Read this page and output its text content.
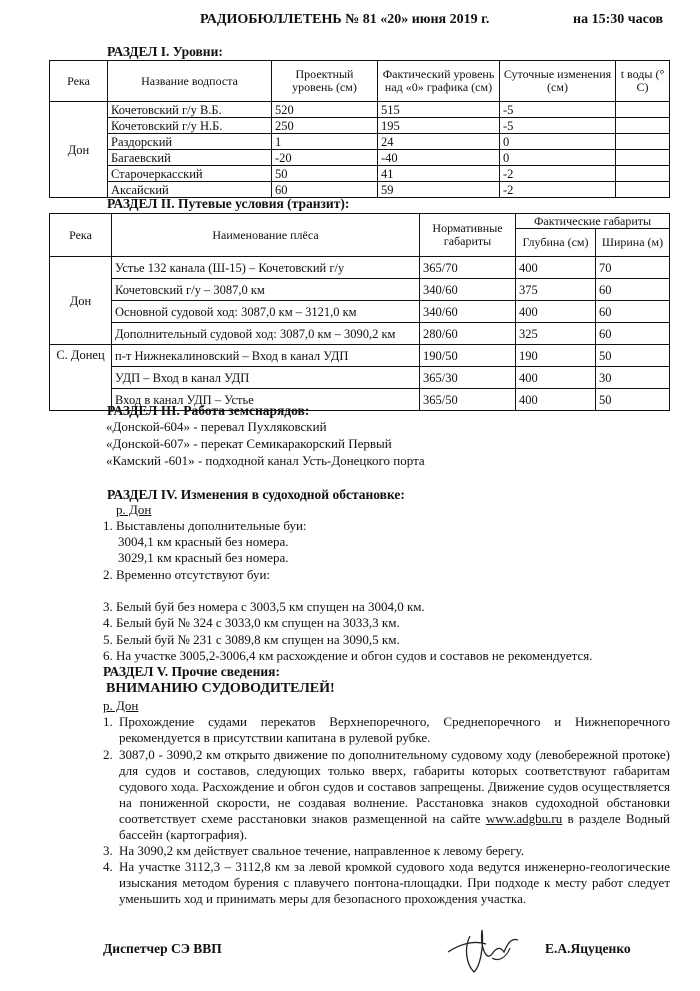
РАДИОБЮЛЛЕТЕНЬ № 81 «20» июня 2019 г.	на 15:30 часов
РАЗДЕЛ I. Уровни:
Река	Название водпоста	Проектный уровень (см)	Фактический уровень над «0» графика (см)	Суточные изменения (см)	t воды (° С)
Дон	Кочетовский г/у В.Б.	520	515	-5	
	Кочетовский г/у Н.Б.	250	195	-5	
	Раздорский	1	24	0	
	Багаевский	-20	-40	0	
	Старочеркасский	50	41	-2	
	Аксайский	60	59	-2	
РАЗДЕЛ II. Путевые условия (транзит):
Река	Наименование плёса	Нормативные габариты	Фактические габариты	
			Глубина (см)	Ширина (м)
Дон	Устье 132 канала (Ш-15) – Кочетовский г/у	365/70	400	70
	Кочетовский г/у – 3087,0 км	340/60	375	60
	Основной судовой ход: 3087,0 км – 3121,0 км	340/60	400	60
	Дополнительный судовой ход: 3087,0 км – 3090,2 км	280/60	325	60
С. Донец	п-т Нижнекалиновский – Вход в канал УДП	190/50	190	50
	УДП – Вход в канал УДП	365/30	400	30
	Вход в канал УДП – Устье	365/50	400	50
РАЗДЕЛ III. Работа земснарядов:
«Донской-604» - перевал Пухляковский
«Донской-607» - перекат Семикаракорский Первый
«Камский -601» - подходной канал Усть-Донецкого порта
РАЗДЕЛ IV. Изменения в судоходной обстановке:
р. Дон
1. Выставлены дополнительные буи:
3004,1 км красный без номера.
3029,1 км красный без номера.
2. Временно отсутствуют буи:
3. Белый буй без номера с 3003,5 км спущен на 3004,0 км.
4. Белый буй № 324 с 3033,0 км спущен на 3033,3 км.
5. Белый буй № 231 с 3089,8 км спущен на 3090,5 км.
6. На участке 3005,2-3006,4 км расхождение и обгон судов и составов не рекомендуется.
РАЗДЕЛ V. Прочие сведения:
ВНИМАНИЮ СУДОВОДИТЕЛЕЙ!
р. Дон
1. Прохождение судами перекатов Верхнепоречного, Среднепоречного и Нижнепоречного рекомендуется в присутствии капитана в рулевой рубке.
2. 3087,0 - 3090,2 км открыто движение по дополнительному судовому ходу (левобережной протоке) для судов и составов, следующих только вверх, габариты которых соответствуют габаритам судового хода. Расхождение и обгон судов и составов запрещены. Движение судов осуществляется на пониженной скорости, не создавая волнение. Расстановка знаков судоходной обстановки соответствует схеме расстановки знаков размещенной на сайте www.adgbu.ru в разделе Водный бассейн (картография).
3. На 3090,2 км действует свальное течение, направленное к левому берегу.
4. На участке 3112,3 – 3112,8 км за левой кромкой судового хода ведутся инженерно-геологические изыскания методом бурения с плавучего понтона-площадки. При подходе к месту работ следует уменьшить ход и принимать меры для безопасного прохождения участка.
Диспетчер СЭ ВВП	Е.А.Яцуценко
